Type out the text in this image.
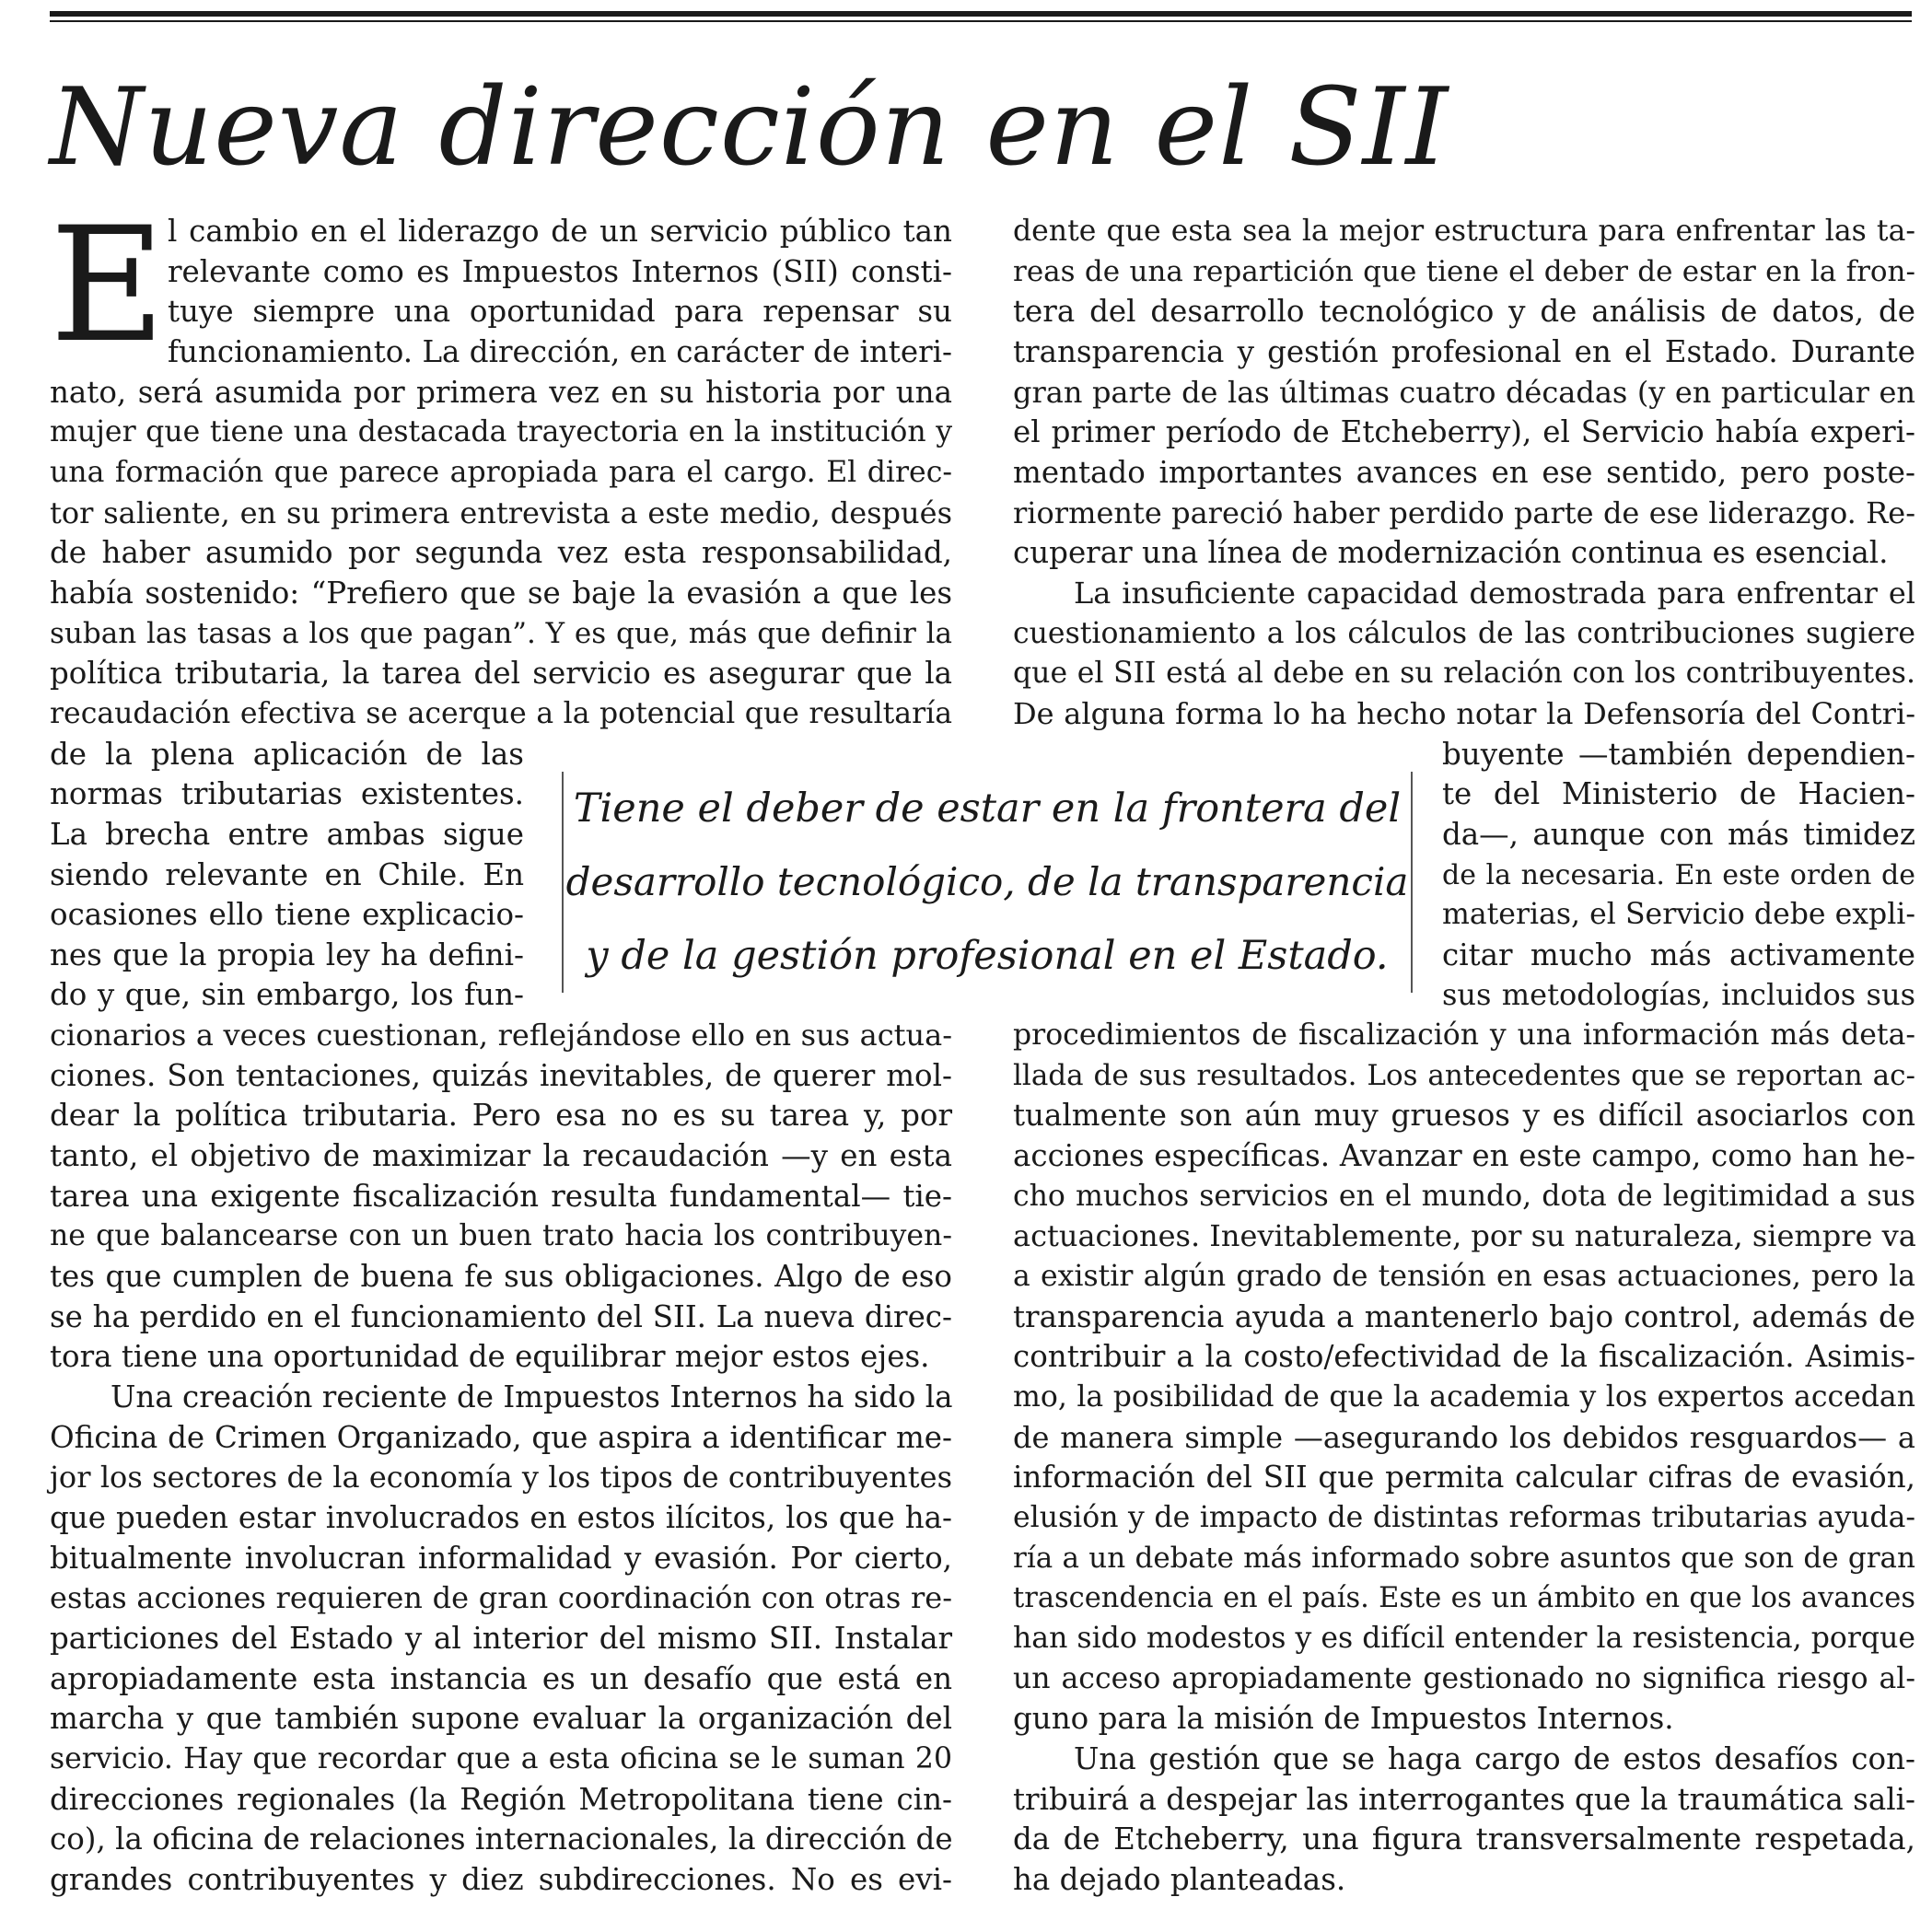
Nueva dirección en el SII
E l cambio en el liderazgo de un servicio público tan

relevante como es Impuestos Internos (SII) consti-

tuye siempre una oportunidad para repensar su

funcionamiento. La dirección, en carácter de interi-

nato, será asumida por primera vez en su historia por una

mujer que tiene una destacada trayectoria en la institución y

una formación que parece apropiada para el cargo. El direc-

tor saliente, en su primera entrevista a este medio, después

de haber asumido por segunda vez esta responsabilidad,

había sostenido: “Prefiero que se baje la evasión a que les

suban las tasas a los que pagan”. Y es que, más que definir la

política tributaria, la tarea del servicio es asegurar que la

recaudación efectiva se acerque a la potencial que resultaría

de la plena aplicación de las

normas tributarias existentes.

La brecha entre ambas sigue

siendo relevante en Chile. En

ocasiones ello tiene explicacio-

nes que la propia ley ha defini-

do y que, sin embargo, los fun-

cionarios a veces cuestionan, reflejándose ello en sus actua-

ciones. Son tentaciones, quizás inevitables, de querer mol-

dear la política tributaria. Pero esa no es su tarea y, por

tanto, el objetivo de maximizar la recaudación —y en esta

tarea una exigente fiscalización resulta fundamental— tie-

ne que balancearse con un buen trato hacia los contribuyen-

tes que cumplen de buena fe sus obligaciones. Algo de eso

se ha perdido en el funcionamiento del SII. La nueva direc-

tora tiene una oportunidad de equilibrar mejor estos ejes.

Una creación reciente de Impuestos Internos ha sido la

Oficina de Crimen Organizado, que aspira a identificar me-

jor los sectores de la economía y los tipos de contribuyentes

que pueden estar involucrados en estos ilícitos, los que ha-

bitualmente involucran informalidad y evasión. Por cierto,

estas acciones requieren de gran coordinación con otras re-

particiones del Estado y al interior del mismo SII. Instalar

apropiadamente esta instancia es un desafío que está en

marcha y que también supone evaluar la organización del

servicio. Hay que recordar que a esta oficina se le suman 20

direcciones regionales (la Región Metropolitana tiene cin-

co), la oficina de relaciones internacionales, la dirección de

grandes contribuyentes y diez subdirecciones. No es evi-

dente que esta sea la mejor estructura para enfrentar las ta-

reas de una repartición que tiene el deber de estar en la fron-

tera del desarrollo tecnológico y de análisis de datos, de

transparencia y gestión profesional en el Estado. Durante

gran parte de las últimas cuatro décadas (y en particular en

el primer período de Etcheberry), el Servicio había experi-

mentado importantes avances en ese sentido, pero poste-

riormente pareció haber perdido parte de ese liderazgo. Re-

cuperar una línea de modernización continua es esencial.

La insuficiente capacidad demostrada para enfrentar el

cuestionamiento a los cálculos de las contribuciones sugiere

que el SII está al debe en su relación con los contribuyentes.

De alguna forma lo ha hecho notar la Defensoría del Contri-

buyente —también dependien-

te del Ministerio de Hacien-

da—, aunque con más timidez

de la necesaria. En este orden de

materias, el Servicio debe expli-

citar mucho más activamente

sus metodologías, incluidos sus

procedimientos de fiscalización y una información más deta-

llada de sus resultados. Los antecedentes que se reportan ac-

tualmente son aún muy gruesos y es difícil asociarlos con

acciones específicas. Avanzar en este campo, como han he-

cho muchos servicios en el mundo, dota de legitimidad a sus

actuaciones. Inevitablemente, por su naturaleza, siempre va

a existir algún grado de tensión en esas actuaciones, pero la

transparencia ayuda a mantenerlo bajo control, además de

contribuir a la costo/efectividad de la fiscalización. Asimis-

mo, la posibilidad de que la academia y los expertos accedan

de manera simple —asegurando los debidos resguardos— a

información del SII que permita calcular cifras de evasión,

elusión y de impacto de distintas reformas tributarias ayuda-

ría a un debate más informado sobre asuntos que son de gran

trascendencia en el país. Este es un ámbito en que los avances

han sido modestos y es difícil entender la resistencia, porque

un acceso apropiadamente gestionado no significa riesgo al-

guno para la misión de Impuestos Internos.

Una gestión que se haga cargo de estos desafíos con-

tribuirá a despejar las interrogantes que la traumática sali-

da de Etcheberry, una figura transversalmente respetada,

ha dejado planteadas.

Tiene el deber de estar en la frontera del
desarrollo tecnológico, de la transparencia
y de la gestión profesional en el Estado.
